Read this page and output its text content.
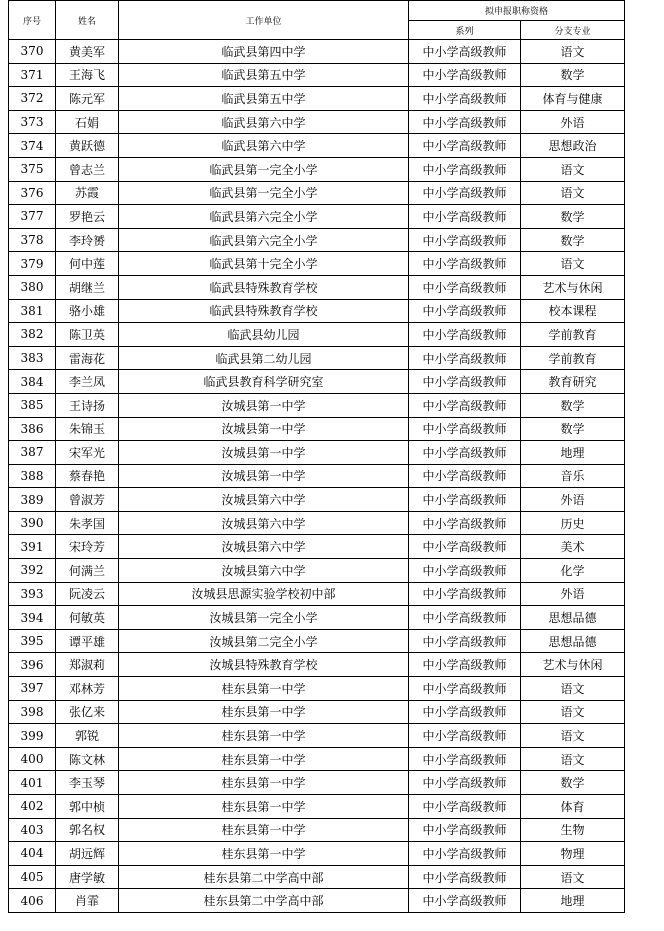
序号	姓名	工作单位	拟申报职称资格	
			系列	分支专业
370	黄美军	临武县第四中学	中小学高级教师	语文
371	王海飞	临武县第五中学	中小学高级教师	数学
372	陈元军	临武县第五中学	中小学高级教师	体育与健康
373	石娟	临武县第六中学	中小学高级教师	外语
374	黄跃德	临武县第六中学	中小学高级教师	思想政治
375	曾志兰	临武县第一完全小学	中小学高级教师	语文
376	苏霞	临武县第一完全小学	中小学高级教师	语文
377	罗艳云	临武县第六完全小学	中小学高级教师	数学
378	李玲赟	临武县第六完全小学	中小学高级教师	数学
379	何中莲	临武县第十完全小学	中小学高级教师	语文
380	胡继兰	临武县特殊教育学校	中小学高级教师	艺术与休闲
381	骆小雄	临武县特殊教育学校	中小学高级教师	校本课程
382	陈卫英	临武县幼儿园	中小学高级教师	学前教育
383	雷海花	临武县第二幼儿园	中小学高级教师	学前教育
384	李兰凤	临武县教育科学研究室	中小学高级教师	教育研究
385	王诗扬	汝城县第一中学	中小学高级教师	数学
386	朱锦玉	汝城县第一中学	中小学高级教师	数学
387	宋军光	汝城县第一中学	中小学高级教师	地理
388	蔡春艳	汝城县第一中学	中小学高级教师	音乐
389	曾淑芳	汝城县第六中学	中小学高级教师	外语
390	朱孝国	汝城县第六中学	中小学高级教师	历史
391	宋玲芳	汝城县第六中学	中小学高级教师	美术
392	何满兰	汝城县第六中学	中小学高级教师	化学
393	阮凌云	汝城县思源实验学校初中部	中小学高级教师	外语
394	何敏英	汝城县第一完全小学	中小学高级教师	思想品德
395	谭平雄	汝城县第二完全小学	中小学高级教师	思想品德
396	郑淑莉	汝城县特殊教育学校	中小学高级教师	艺术与休闲
397	邓林芳	桂东县第一中学	中小学高级教师	语文
398	张亿来	桂东县第一中学	中小学高级教师	语文
399	郭锐	桂东县第一中学	中小学高级教师	语文
400	陈文林	桂东县第一中学	中小学高级教师	语文
401	李玉琴	桂东县第一中学	中小学高级教师	数学
402	郭中桢	桂东县第一中学	中小学高级教师	体育
403	郭名权	桂东县第一中学	中小学高级教师	生物
404	胡远辉	桂东县第一中学	中小学高级教师	物理
405	唐学敏	桂东县第二中学高中部	中小学高级教师	语文
406	肖霏	桂东县第二中学高中部	中小学高级教师	地理
